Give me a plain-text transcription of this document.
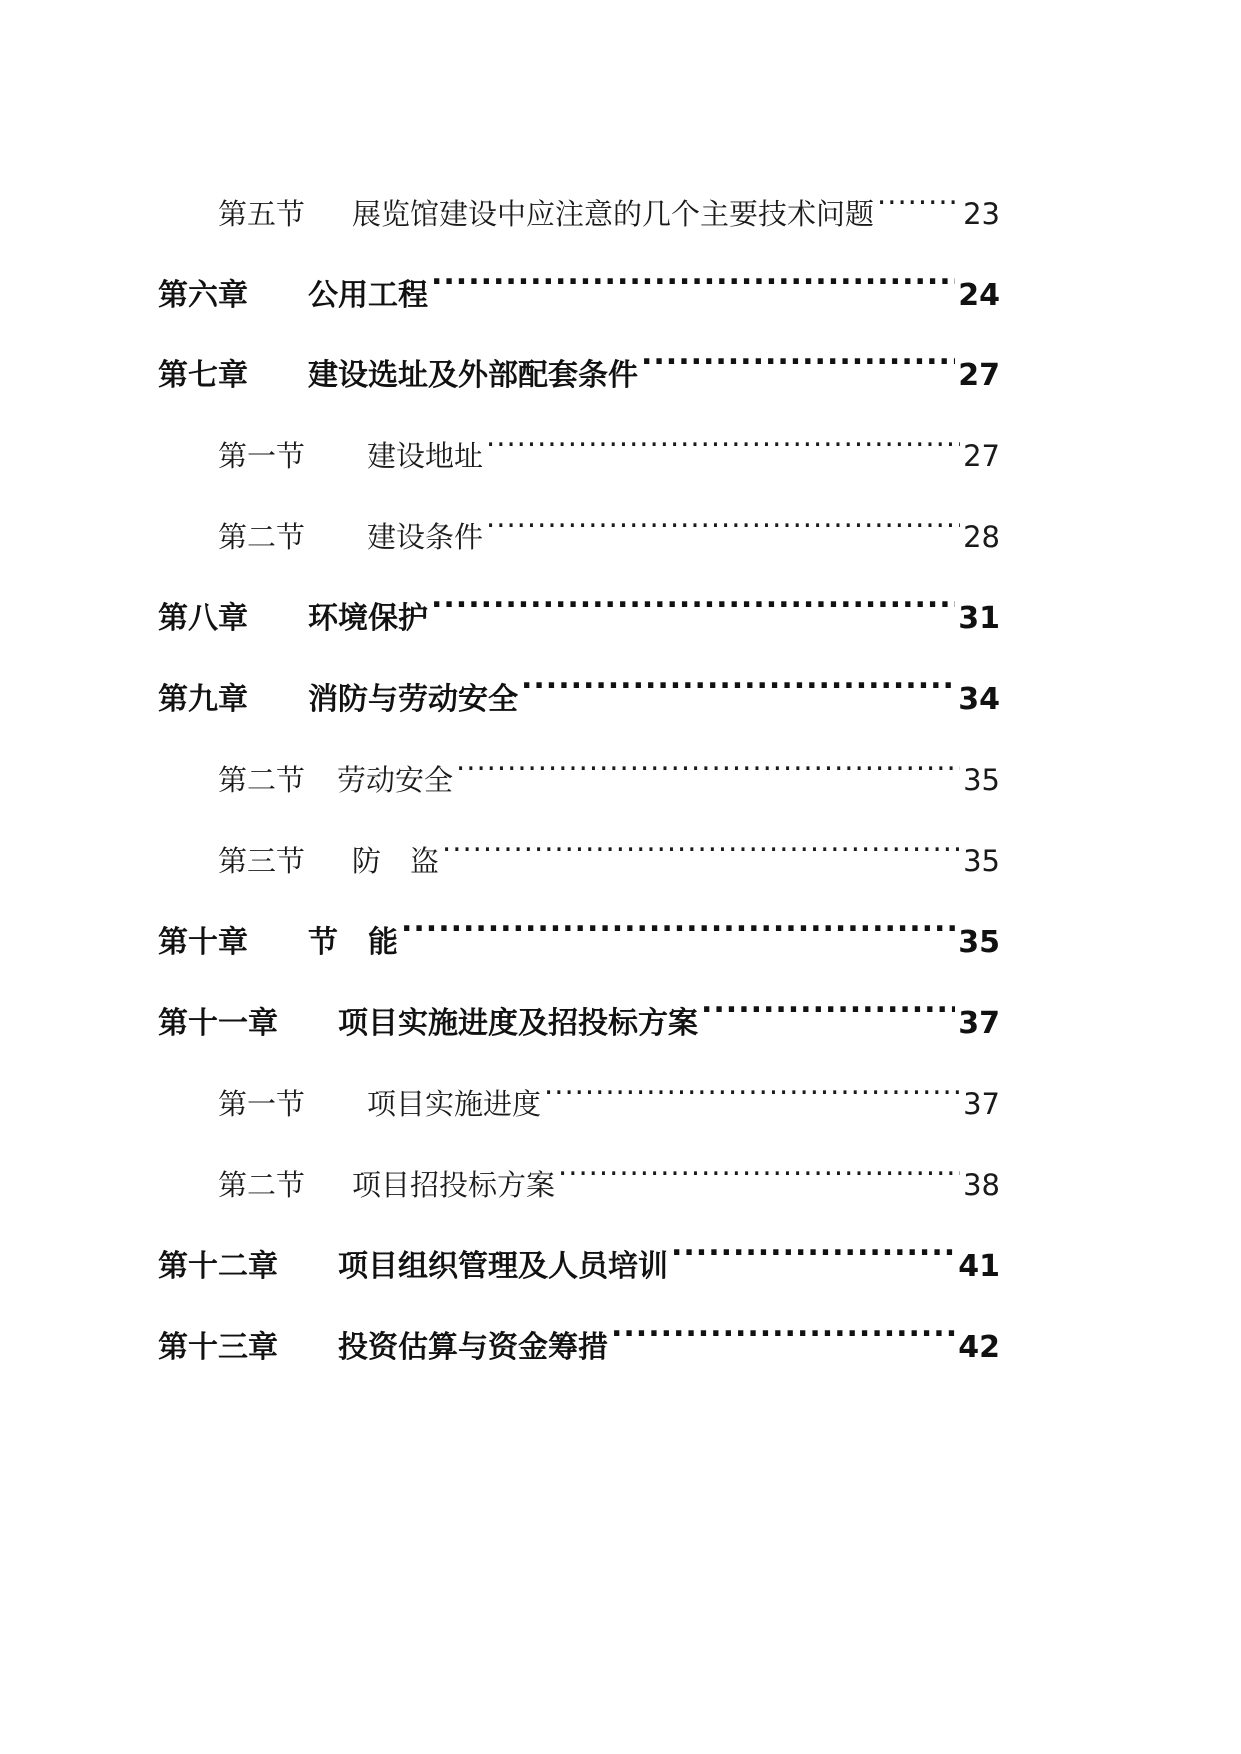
第五节	展览馆建设中应注意的几个主要技术问题 .....	23
第六章	公用工程 .....	24
第七章	建设选址及外部配套条件 .....	27
第一节	建设地址 .....	27
第二节	建设条件 .....	28
第八章	环境保护 .....	31
第九章	消防与劳动安全 .....	34
第二节	劳动安全 .....	35
第三节	防　盗 .....	35
第十章	节　能 .....	35
第十一章	项目实施进度及招投标方案 .....	37
第一节	项目实施进度 .....	37
第二节	项目招投标方案 .....	38
第十二章	项目组织管理及人员培训 .....	41
第十三章	投资估算与资金筹措 .....	42
